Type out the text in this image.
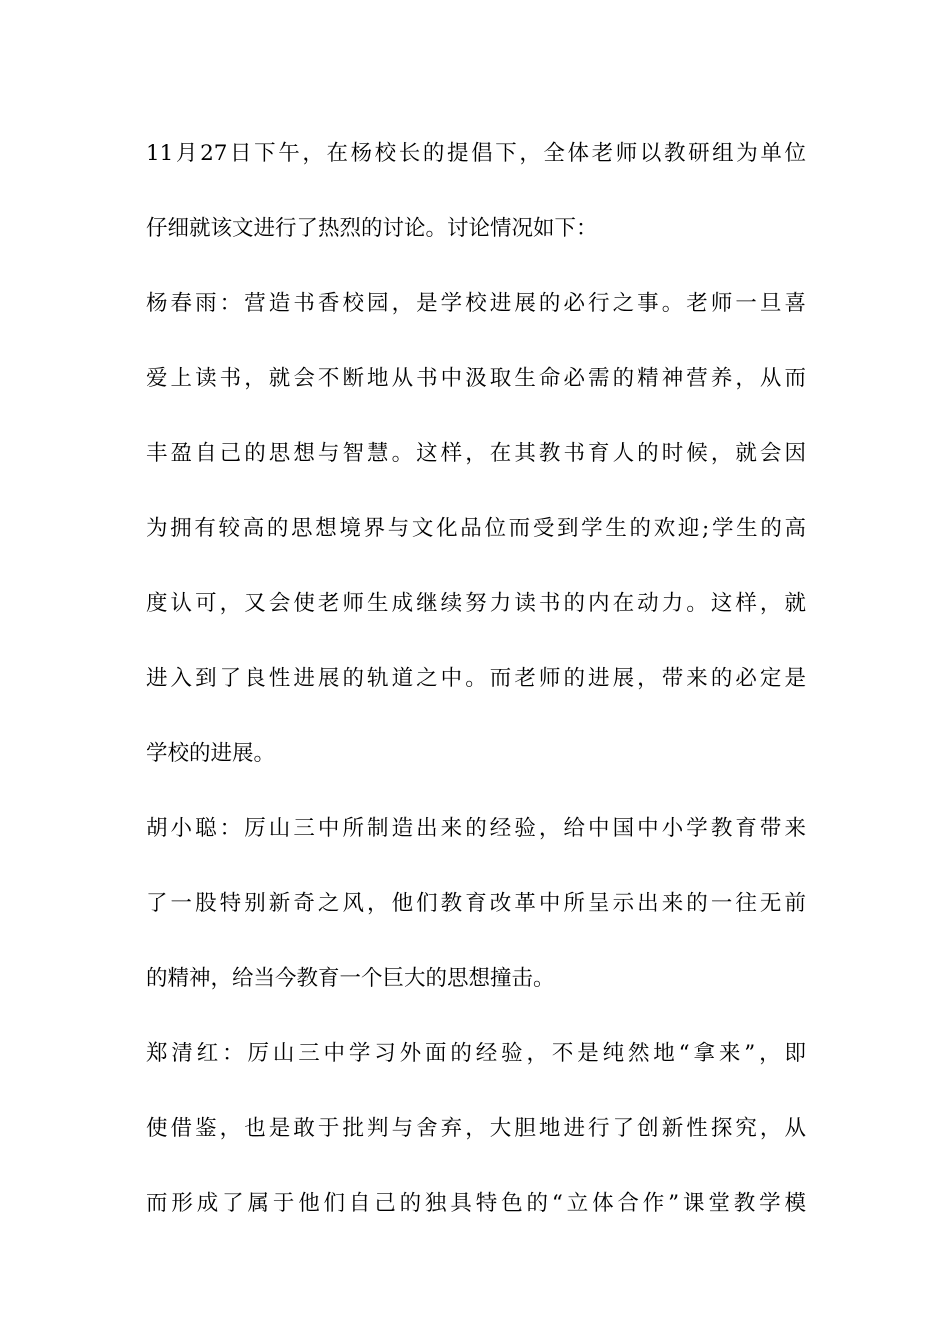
11月27日下午，在杨校长的提倡下，全体老师以教研组为单位
仔细就该文进行了热烈的讨论。讨论情况如下：
杨春雨：营造书香校园，是学校进展的必行之事。老师一旦喜
爱上读书，就会不断地从书中汲取生命必需的精神营养，从而
丰盈自己的思想与智慧。这样，在其教书育人的时候，就会因
为拥有较高的思想境界与文化品位而受到学生的欢迎;学生的高
度认可，又会使老师生成继续努力读书的内在动力。这样，就
进入到了良性进展的轨道之中。而老师的进展，带来的必定是
学校的进展。
胡小聪：厉山三中所制造出来的经验，给中国中小学教育带来
了一股特别新奇之风，他们教育改革中所呈示出来的一往无前
的精神，给当今教育一个巨大的思想撞击。
郑清红：厉山三中学习外面的经验，不是纯然地“拿来”，即
使借鉴，也是敢于批判与舍弃，大胆地进行了创新性探究，从
而形成了属于他们自己的独具特色的“立体合作”课堂教学模
